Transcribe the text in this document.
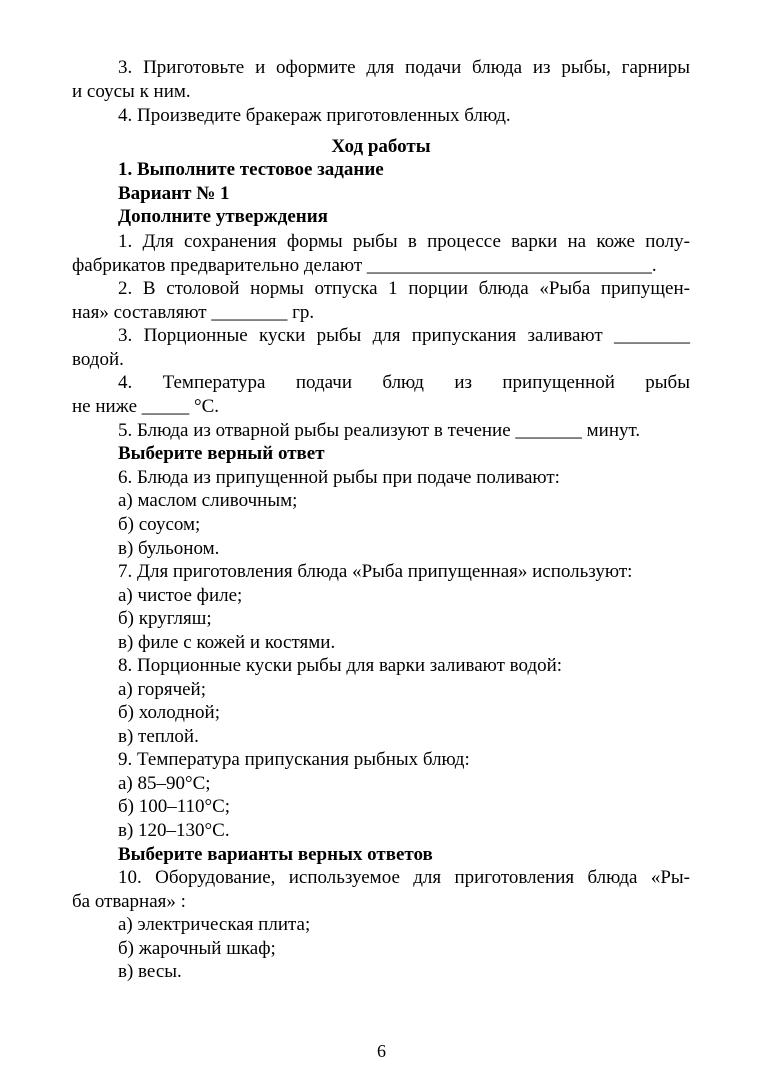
3. Приготовьте и оформите для подачи блюда из рыбы, гарниры
и соусы к ним.
4. Произведите бракераж приготовленных блюд.
Ход работы
1. Выполните тестовое задание
Вариант № 1
Дополните утверждения
1. Для сохранения формы рыбы в процессе варки на коже полу-
фабрикатов предварительно делают ______________________________.
2. В столовой нормы отпуска 1 порции блюда «Рыба припущен-
ная» составляют ________ гр.
3. Порционные куски рыбы для припускания заливают ________
водой.
4. Температура подачи блюд из припущенной рыбы
не ниже _____ °С.
5. Блюда из отварной рыбы реализуют в течение _______ минут.
Выберите верный ответ
6. Блюда из припущенной рыбы при подаче поливают:
а) маслом сливочным;
б) соусом;
в) бульоном.
7. Для приготовления блюда «Рыба припущенная» используют:
а) чистое филе;
б) кругляш;
в) филе с кожей и костями.
8. Порционные куски рыбы для варки заливают водой:
а) горячей;
б) холодной;
в) теплой.
9. Температура припускания рыбных блюд:
а) 85–90°С;
б) 100–110°С;
в) 120–130°С.
Выберите варианты верных ответов
10. Оборудование, используемое для приготовления блюда «Ры-
ба отварная» :
а) электрическая плита;
б) жарочный шкаф;
в) весы.
6
